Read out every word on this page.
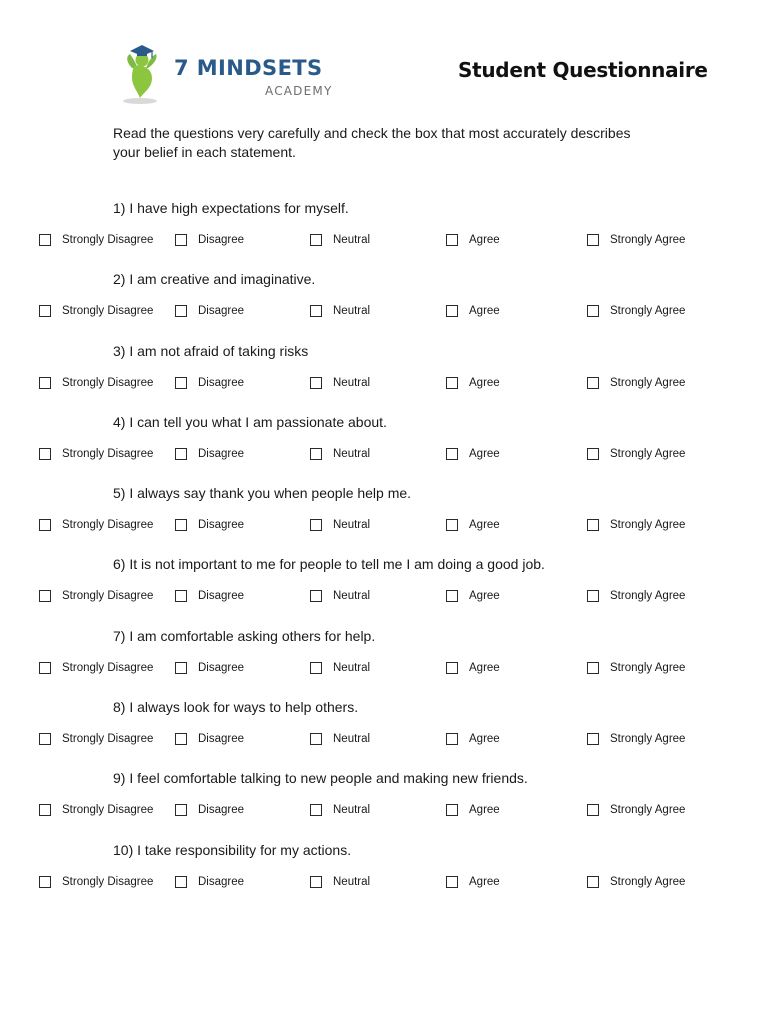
7 MINDSETS
ACADEMY
Student Questionnaire
Read the questions very carefully and check the box that most accurately describes your belief in each statement.
1) I have high expectations for myself.
Strongly Disagree	Disagree	Neutral	Agree	Strongly Agree
2) I am creative and imaginative.
Strongly Disagree	Disagree	Neutral	Agree	Strongly Agree
3) I am not afraid of taking risks
Strongly Disagree	Disagree	Neutral	Agree	Strongly Agree
4) I can tell you what I am passionate about.
Strongly Disagree	Disagree	Neutral	Agree	Strongly Agree
5) I always say thank you when people help me.
Strongly Disagree	Disagree	Neutral	Agree	Strongly Agree
6) It is not important to me for people to tell me I am doing a good job.
Strongly Disagree	Disagree	Neutral	Agree	Strongly Agree
7) I am comfortable asking others for help.
Strongly Disagree	Disagree	Neutral	Agree	Strongly Agree
8) I always look for ways to help others.
Strongly Disagree	Disagree	Neutral	Agree	Strongly Agree
9) I feel comfortable talking to new people and making new friends.
Strongly Disagree	Disagree	Neutral	Agree	Strongly Agree
10) I take responsibility for my actions.
Strongly Disagree	Disagree	Neutral	Agree	Strongly Agree
